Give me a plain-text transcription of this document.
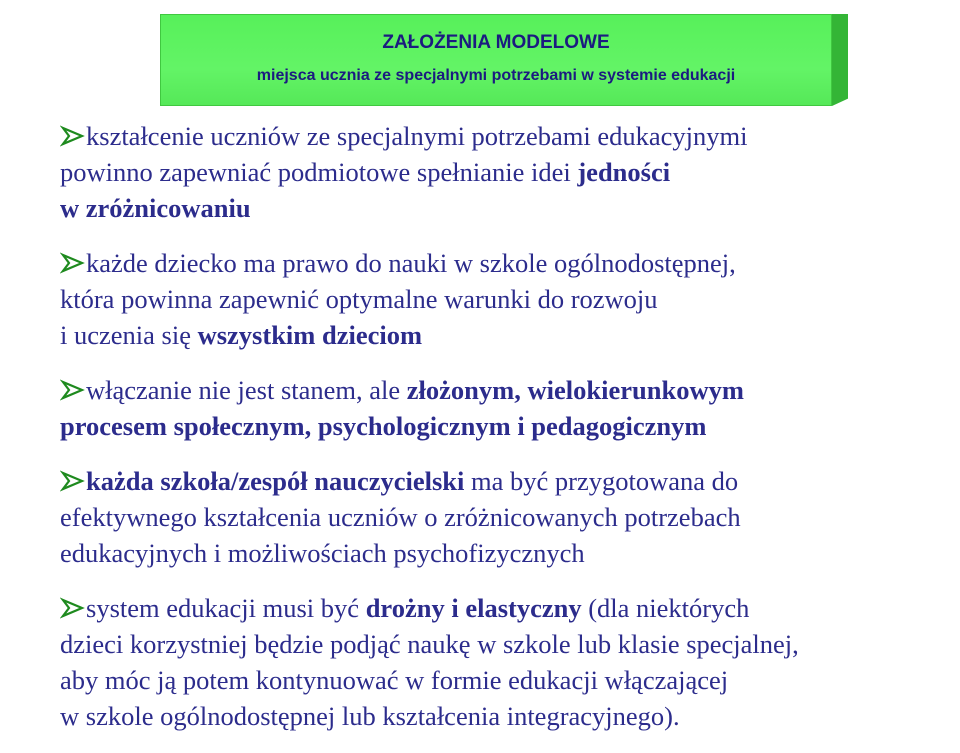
ZAŁOŻENIA MODELOWE
miejsca ucznia ze specjalnymi potrzebami w systemie edukacji
kształcenie uczniów ze specjalnymi potrzebami edukacyjnymi
powinno zapewniać podmiotowe spełnianie idei jedności
w zróżnicowaniu
każde dziecko ma prawo do nauki w szkole ogólnodostępnej,
która powinna zapewnić optymalne warunki do rozwoju
i uczenia się wszystkim dzieciom
włączanie nie jest stanem, ale złożonym, wielokierunkowym
procesem społecznym, psychologicznym i pedagogicznym
każda szkoła/zespół nauczycielski ma być przygotowana do
efektywnego kształcenia uczniów o zróżnicowanych potrzebach
edukacyjnych i możliwościach psychofizycznych
system edukacji musi być drożny i elastyczny (dla niektórych
dzieci korzystniej będzie podjąć naukę w szkole lub klasie specjalnej,
aby móc ją potem kontynuować w formie edukacji włączającej
w szkole ogólnodostępnej lub kształcenia integracyjnego).
